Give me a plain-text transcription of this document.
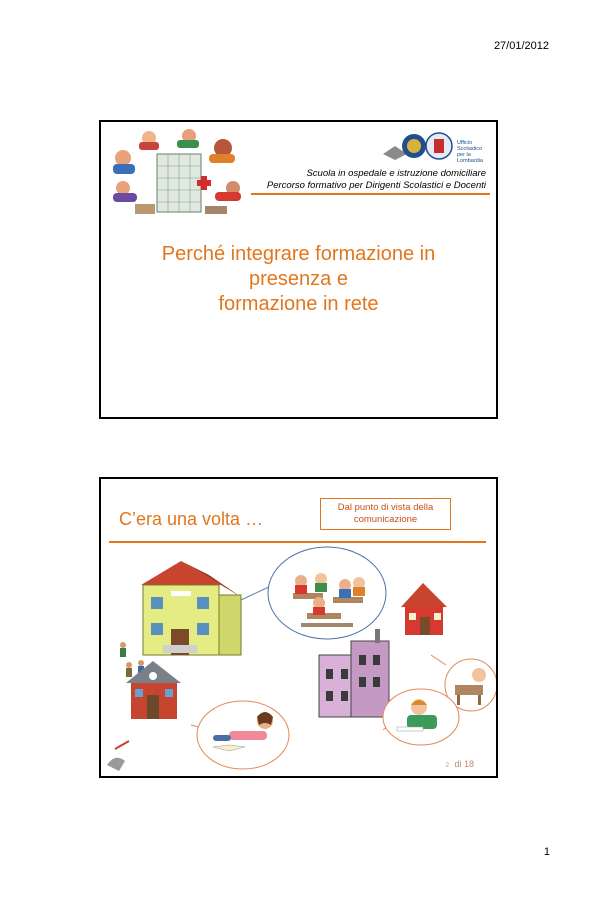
27/01/2012
Ufficio
Scolastico
per la
Lombardia
Scuola in ospedale e istruzione domiciliare
Percorso formativo per Dirigenti Scolastici e Docenti
Perché integrare formazione in
presenza e
formazione in rete
C’era una volta …
Dal punto di vista della
comunicazione
2 di 18
1
